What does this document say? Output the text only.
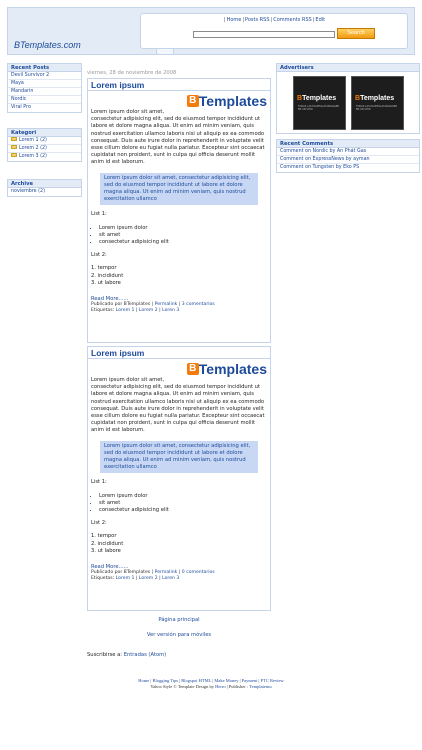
|Home|Posts RSS|Comments RSS|Edit
Search
BTemplates.com
Recent Posts
Devil Survivor 2
Maya
Mandarin
Nordic
Viral Pro
Kategori
Lorem 1 (2)
Lorem 2 (2)
Lorem 3 (2)
Archive
noviembre (2)
Advertisers
BTemplates
TODAS LAS PLANTILLAS BLOGGER EN UN SITIO
BTemplates
TODAS LAS PLANTILLAS BLOGGER EN UN SITIO
Recent Comments
Comment on Nordic by An Phát Gas
Comment on ExpressNews by ayman
Comment on Tungsten by Eko PS
viernes, 28 de noviembre de 2008
Lorem ipsum
B Templates
Lorem ipsum dolor sit amet,
consectetur adipisicing elit, sed do eiusmod tempor incididunt ut labore et dolore magna aliqua. Ut enim ad minim veniam, quis nostrud exercitation ullamco laboris nisi ut aliquip ex ea commodo consequat. Duis aute irure dolor in reprehenderit in voluptate velit esse cillum dolore eu fugiat nulla pariatur. Excepteur sint occaecat cupidatat non proident, sunt in culpa qui officia deserunt mollit anim id est laborum.
Lorem ipsum dolor sit amet, consectetur adipisicing elit, sed do eiusmod tempor incididunt ut labore et dolore magna aliqua. Ut enim ad minim veniam, quis nostrud exercitation ullamco
List 1:
• Lorem ipsum dolor
• sit amet
• consectetur adipisicing elit
List 2:
1. tempor
2. incididunt
3. ut labore
Read More......
Publicado por BTemplates | Permalink | 3 comentarios
Etiquetas: Lorem 1 | Lorem 2 | Loren 3
Lorem ipsum
B Templates
Lorem ipsum dolor sit amet,
consectetur adipisicing elit, sed do eiusmod tempor incididunt ut labore et dolore magna aliqua. Ut enim ad minim veniam, quis nostrud exercitation ullamco laboris nisi ut aliquip ex ea commodo consequat. Duis aute irure dolor in reprehenderit in voluptate velit esse cillum dolore eu fugiat nulla pariatur. Excepteur sint occaecat cupidatat non proident, sunt in culpa qui officia deserunt mollit anim id est laborum.
Lorem ipsum dolor sit amet, consectetur adipisicing elit, sed do eiusmod tempor incididunt ut labore et dolore magna aliqua. Ut enim ad minim veniam, quis nostrud exercitation ullamco
List 1:
• Lorem ipsum dolor
• sit amet
• consectetur adipisicing elit
List 2:
1. tempor
2. incididunt
3. ut labore
Read More......
Publicado por BTemplates | Permalink | 0 comentarios
Etiquetas: Lorem 1 | Lorem 2 | Loren 3
Página principal
Ver versión para móviles
Suscribirse a: Entradas (Atom)
Home | Blogging Tips | Blogspot HTML | Make Money | Payment | PTC Review
Yahoo Style © Template Design by Herro | Publisher : Templatemu
